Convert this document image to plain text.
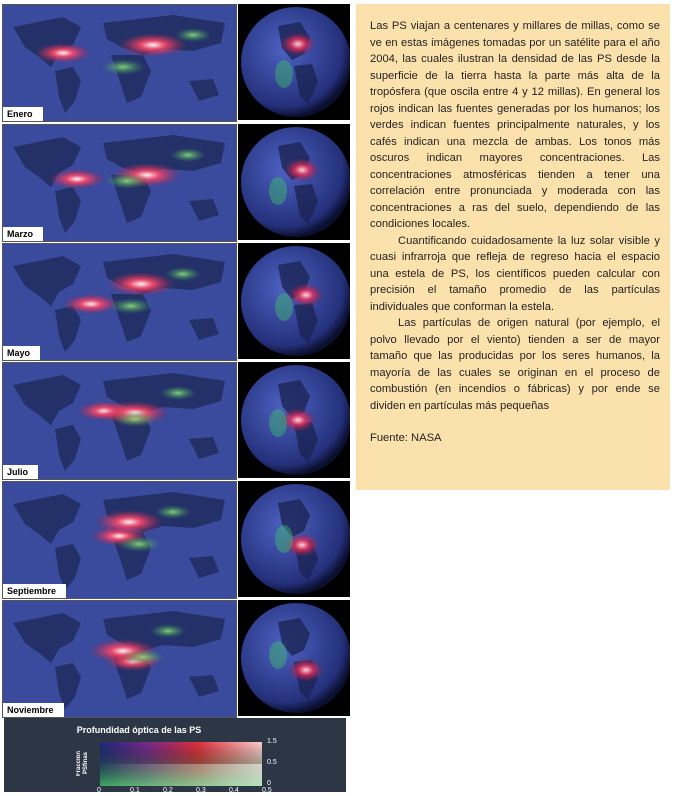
Enero
Marzo
Mayo
Julio
Septiembre
Noviembre

Las PS viajan a centenares y millares de millas, como se ve en estas imágenes tomadas por un satélite para el año 2004, las cuales ilustran la densidad de las PS desde la superficie de la tierra hasta la parte más alta de la tropósfera (que oscila entre 4 y 12 millas). En general los rojos indican las fuentes generadas por los humanos; los verdes indican fuentes principalmente naturales, y los cafés indican una mezcla de ambas. Los tonos más oscuros indican mayores concentraciones. Las concentraciones atmosféricas tienden a tener una correlación entre pronunciada y moderada con las concentraciones a ras del suelo, dependiendo de las condiciones locales.

Cuantificando cuidadosamente la luz solar visible y cuasi infrarroja que refleja de regreso hacia el espacio una estela de PS, los científicos pueden calcular con precisión el tamaño promedio de las partículas individuales que conforman la estela.

Las partículas de origen natural (por ejemplo, el polvo llevado por el viento) tienden a ser de mayor tamaño que las producidas por los seres humanos, la mayoría de las cuales se originan en el proceso de combustión (en incendios o fábricas) y por ende se dividen en partículas más pequeñas

Fuente: NASA

Profundidad óptica de las PS
Fracción
PSfinas
0	0.1	0.2	0.3	0.4	0.5
1.5
0.5
0
